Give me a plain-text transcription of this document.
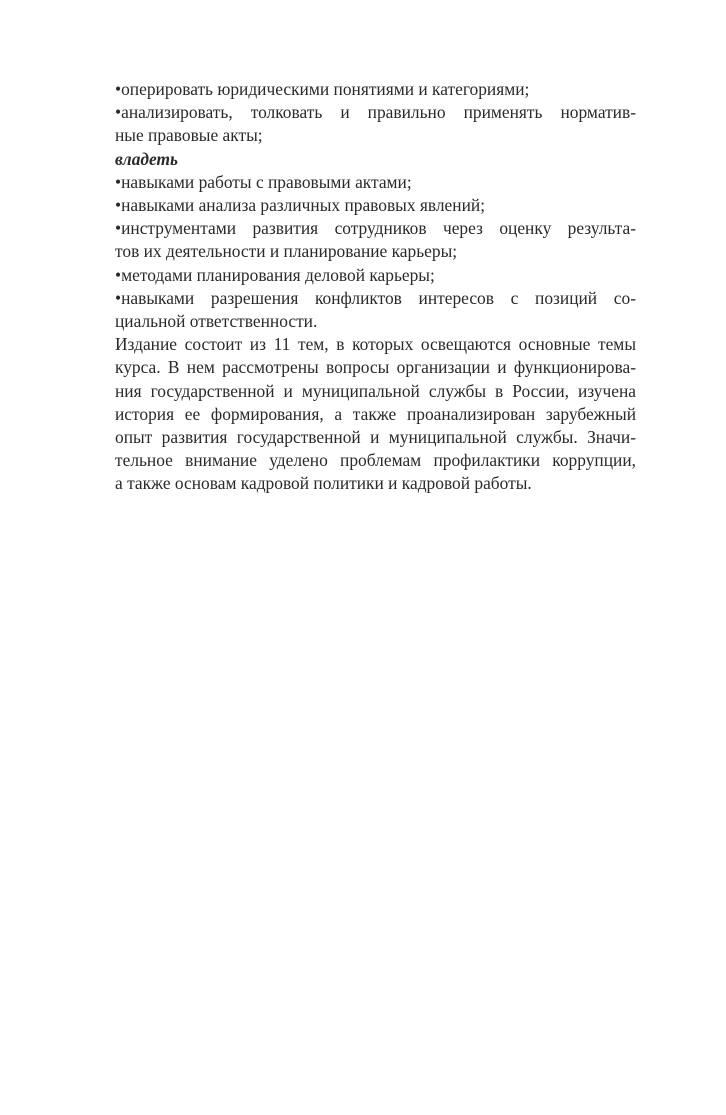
•оперировать юридическими понятиями и категориями;
•анализировать, толковать и правильно применять норматив-
ные правовые акты;
владеть
•навыками работы с правовыми актами;
•навыками анализа различных правовых явлений;
•инструментами развития сотрудников через оценку результа-
тов их деятельности и планирование карьеры;
•методами планирования деловой карьеры;
•навыками разрешения конфликтов интересов с позиций со-
циальной ответственности.
Издание состоит из 11 тем, в которых освещаются основные темы
курса. В нем рассмотрены вопросы организации и функционирова-
ния государственной и муниципальной службы в России, изучена
история ее формирования, а также проанализирован зарубежный
опыт развития государственной и муниципальной службы. Значи-
тельное внимание уделено проблемам профилактики коррупции,
а также основам кадровой политики и кадровой работы.
